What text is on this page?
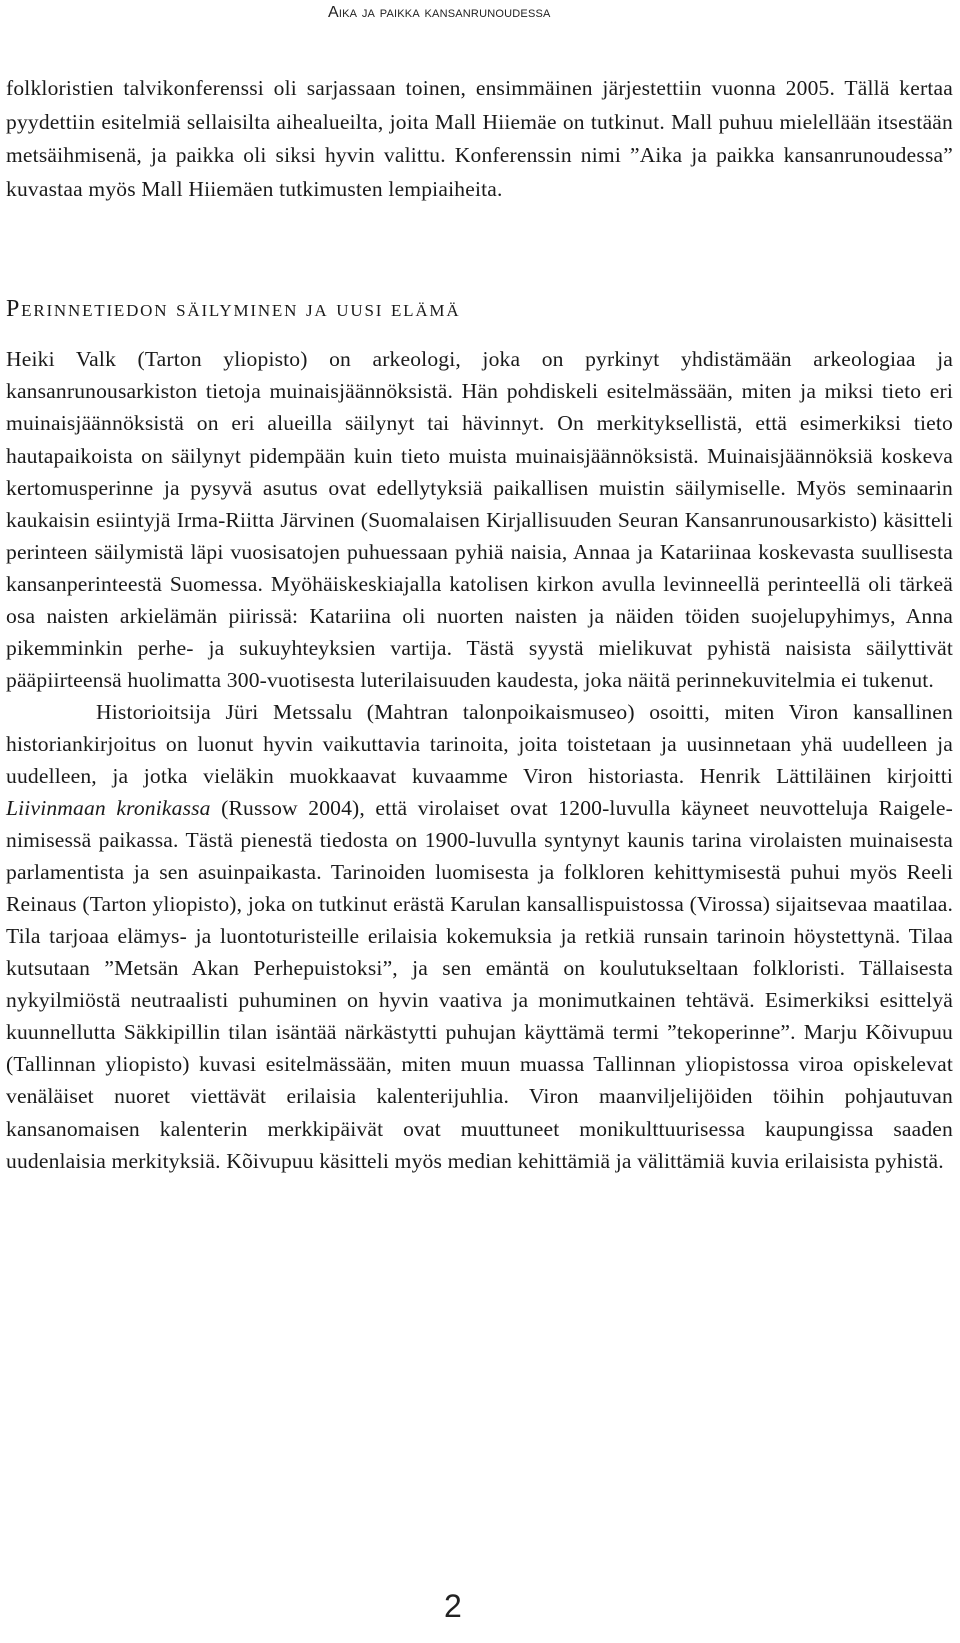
Aika ja paikka kansanrunoudessa

folkloristien talvikonferenssi oli sarjassaan toinen, ensimmäinen järjestettiin vuonna 2005. Tällä kertaa pyydettiin esitelmiä sellaisilta aihealueilta, joita Mall Hiiemäe on tutkinut. Mall puhuu mielellään itsestään metsäihmisenä, ja paikka oli siksi hyvin valittu. Konferenssin nimi ”Aika ja paikka kansanrunoudessa” kuvastaa myös Mall Hiiemäen tutkimusten lempiaiheita.

Perinnetiedon säilyminen ja uusi elämä

Heiki Valk (Tarton yliopisto) on arkeologi, joka on pyrkinyt yhdistämään arkeologiaa ja kansanrunousarkiston tietoja muinaisjäännöksistä. Hän pohdiskeli esitelmässään, miten ja miksi tieto eri muinaisjäännöksistä on eri alueilla säilynyt tai hävinnyt. On merkityksellistä, että esimerkiksi tieto hautapaikoista on säilynyt pidempään kuin tieto muista muinaisjäännöksistä. Muinaisjäännöksiä koskeva kertomusperinne ja pysyvä asutus ovat edellytyksiä paikallisen muistin säilymiselle. Myös seminaarin kaukaisin esiintyjä Irma-Riitta Järvinen (Suomalaisen Kirjallisuuden Seuran Kansanrunousarkisto) käsitteli perinteen säilymistä läpi vuosisatojen puhuessaan pyhiä naisia, Annaa ja Katariinaa koskevasta suullisesta kansanperinteestä Suomessa. Myöhäiskeskiajalla katolisen kirkon avulla levinneellä perinteellä oli tärkeä osa naisten arkielämän piirissä: Katariina oli nuorten naisten ja näiden töiden suojelupyhimys, Anna pikemminkin perhe- ja sukuyhteyksien vartija. Tästä syystä mielikuvat pyhistä naisista säilyttivät pääpiirteensä huolimatta 300-vuotisesta luterilaisuuden kaudesta, joka näitä perinnekuvitelmia ei tukenut.

Historioitsija Jüri Metssalu (Mahtran talonpoikaismuseo) osoitti, miten Viron kansallinen historiankirjoitus on luonut hyvin vaikuttavia tarinoita, joita toistetaan ja uusinnetaan yhä uudelleen ja uudelleen, ja jotka vieläkin muokkaavat kuvaamme Viron historiasta. Henrik Lättiläinen kirjoitti Liivinmaan kronikassa (Russow 2004), että virolaiset ovat 1200-luvulla käyneet neuvotteluja Raigele-nimisessä paikassa. Tästä pienestä tiedosta on 1900-luvulla syntynyt kaunis tarina virolaisten muinaisesta parlamentista ja sen asuinpaikasta. Tarinoiden luomisesta ja folkloren kehittymisestä puhui myös Reeli Reinaus (Tarton yliopisto), joka on tutkinut erästä Karulan kansallispuistossa (Virossa) sijaitsevaa maatilaa. Tila tarjoaa elämys- ja luontoturisteille erilaisia kokemuksia ja retkiä runsain tarinoin höystettynä. Tilaa kutsutaan ”Metsän Akan Perhepuistoksi”, ja sen emäntä on koulutukseltaan folkloristi. Tällaisesta nykyilmiöstä neutraalisti puhuminen on hyvin vaativa ja monimutkainen tehtävä. Esimerkiksi esittelyä kuunnellutta Säkkipillin tilan isäntää närkästytti puhujan käyttämä termi ”tekoperinne”. Marju Kõivupuu (Tallinnan yliopisto) kuvasi esitelmässään, miten muun muassa Tallinnan yliopistossa viroa opiskelevat venäläiset nuoret viettävät erilaisia kalenterijuhlia. Viron maanviljelijöiden töihin pohjautuvan kansanomaisen kalenterin merkkipäivät ovat muuttuneet monikulttuurisessa kaupungissa saaden uudenlaisia merkityksiä. Kõivupuu käsitteli myös median kehittämiä ja välittämiä kuvia erilaisista pyhistä.

2
